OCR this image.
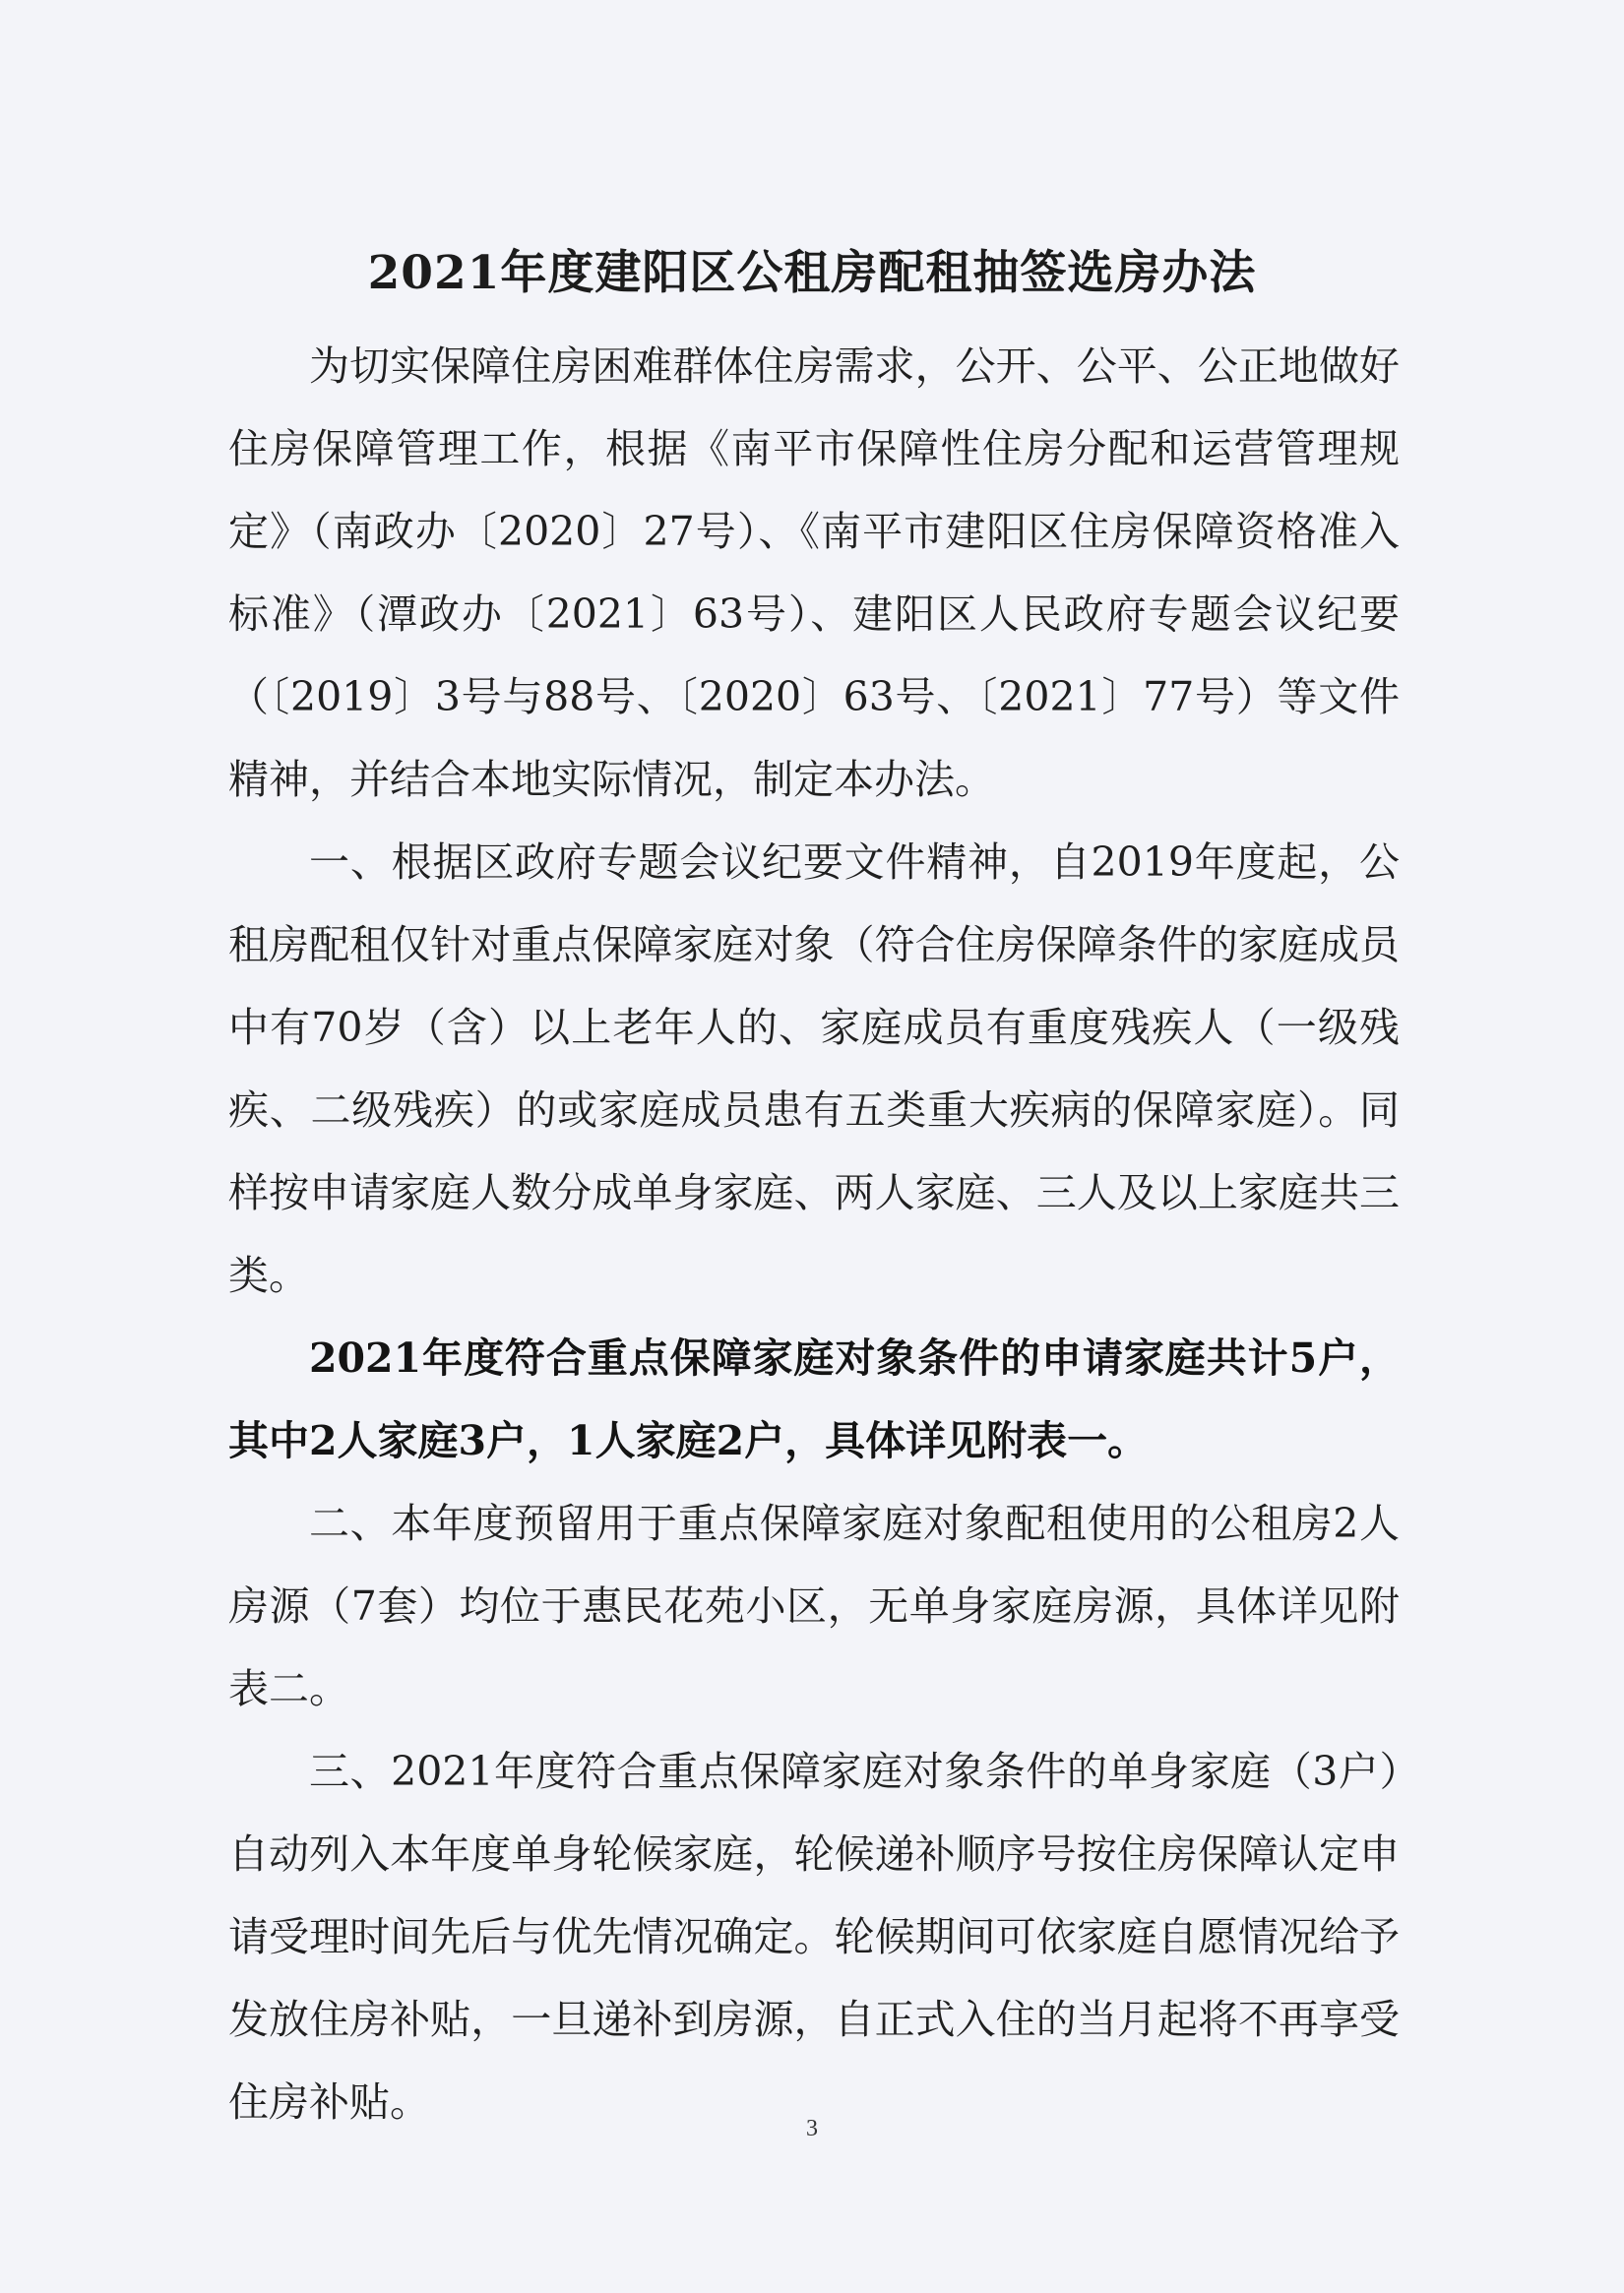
2021年度建阳区公租房配租抽签选房办法

为切实保障住房困难群体住房需求，公开、公平、公正地做好住房保障管理工作，根据《南平市保障性住房分配和运营管理规定》（南政办〔2020〕27号）、《南平市建阳区住房保障资格准入标准》（潭政办〔2021〕63号）、建阳区人民政府专题会议纪要（〔2019〕3号与88号、〔2020〕63号、〔2021〕77号）等文件精神，并结合本地实际情况，制定本办法。

一、根据区政府专题会议纪要文件精神，自2019年度起，公租房配租仅针对重点保障家庭对象（符合住房保障条件的家庭成员中有70岁（含）以上老年人的、家庭成员有重度残疾人（一级残疾、二级残疾）的或家庭成员患有五类重大疾病的保障家庭）。同样按申请家庭人数分成单身家庭、两人家庭、三人及以上家庭共三类。

2021年度符合重点保障家庭对象条件的申请家庭共计5户，其中2人家庭3户，1人家庭2户，具体详见附表一。

二、本年度预留用于重点保障家庭对象配租使用的公租房2人房源（7套）均位于惠民花苑小区，无单身家庭房源，具体详见附表二。

三、2021年度符合重点保障家庭对象条件的单身家庭（3户）自动列入本年度单身轮候家庭，轮候递补顺序号按住房保障认定申请受理时间先后与优先情况确定。轮候期间可依家庭自愿情况给予发放住房补贴，一旦递补到房源，自正式入住的当月起将不再享受住房补贴。

3
